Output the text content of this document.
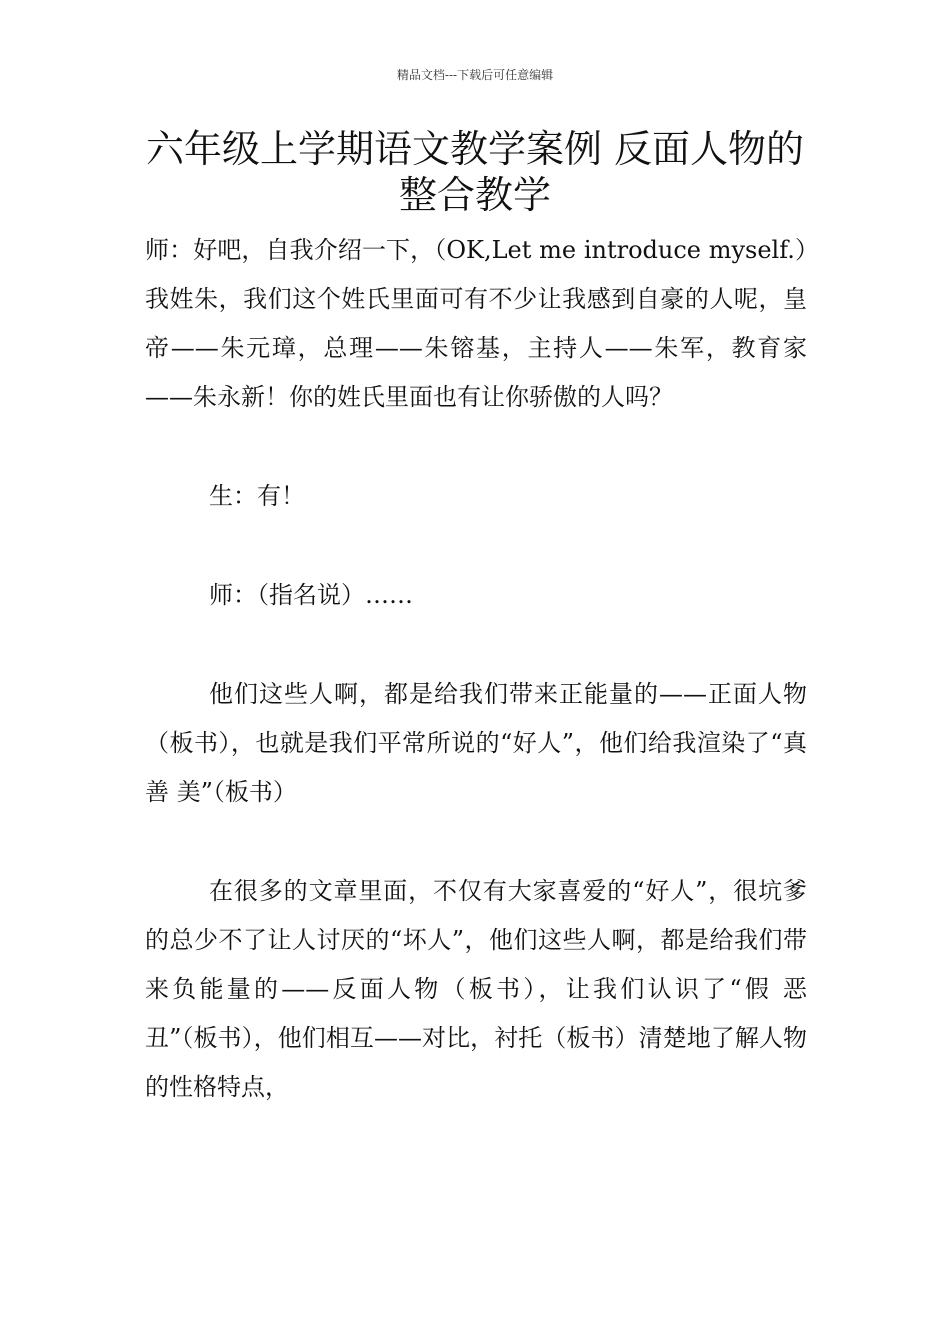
精品文档---下载后可任意编辑
六年级上学期语文教学案例 反面人物的整合教学

师：好吧，自我介绍一下，（OK,Let me introduce myself.）我姓朱，我们这个姓氏里面可有不少让我感到自豪的人呢，皇帝——朱元璋，总理——朱镕基，主持人——朱军，教育家——朱永新！你的姓氏里面也有让你骄傲的人吗？

生：有！

师：（指名说）……

他们这些人啊，都是给我们带来正能量的——正面人物（板书），也就是我们平常所说的“好人”，他们给我渲染了“真 善 美”（板书）

在很多的文章里面，不仅有大家喜爱的“好人”，很坑爹的总少不了让人讨厌的“坏人”，他们这些人啊，都是给我们带来负能量的——反面人物（板书），让我们认识了“假 恶 丑”（板书），他们相互——对比，衬托（板书）清楚地了解人物的性格特点，
